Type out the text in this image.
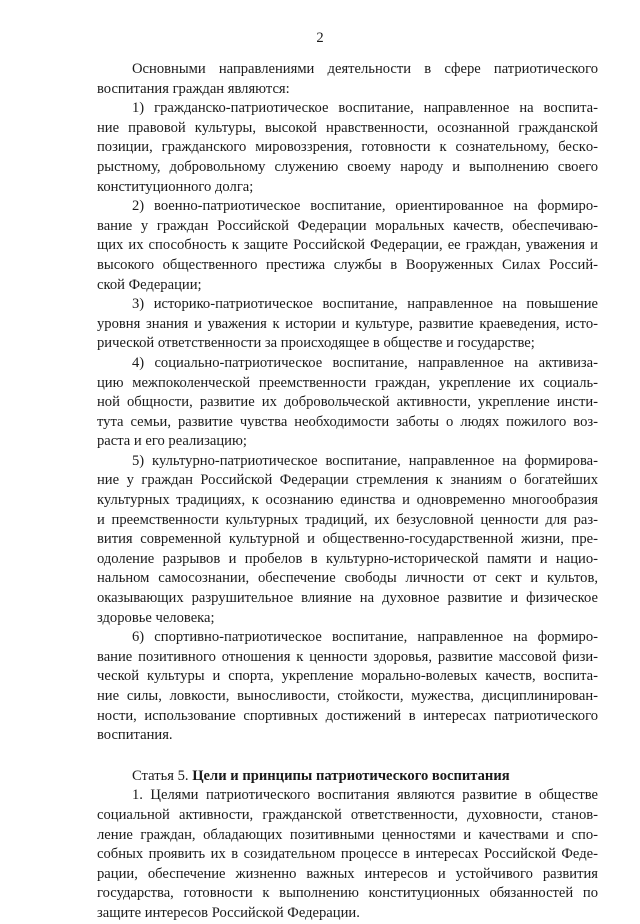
2
Основными направлениями деятельности в сфере патриотического
воспитания граждан являются:
1) гражданско-патриотическое воспитание, направленное на воспита-
ние правовой культуры, высокой нравственности, осознанной гражданской
позиции, гражданского мировоззрения, готовности к сознательному, бескo-
рыстному, добровольному служению своему народу и выполнению своего
конституционного долга;
2) военно-патриотическое воспитание, ориентированное на формиро-
вание у граждан Российской Федерации моральных качеств, обеспечиваю-
щих их способность к защите Российской Федерации, ее граждан, уважения и
высокого общественного престижа службы в Вооруженных Силах Россий-
ской Федерации;
3) историко-патриотическое воспитание, направленное на повышение
уровня знания и уважения к истории и культуре, развитие краеведения, исто-
рической ответственности за происходящее в обществе и государстве;
4) социально-патриотическое воспитание, направленное на активиза-
цию межпоколенческой преемственности граждан, укрепление их социаль-
ной общности, развитие их добровольческой активности, укрепление инсти-
тута семьи, развитие чувства необходимости заботы о людях пожилого воз-
раста и его реализацию;
5) культурно-патриотическое воспитание, направленное на формирова-
ние у граждан Российской Федерации стремления к знаниям о богатейших
культурных традициях, к осознанию единства и одновременно многообразия
и преемственности культурных традиций, их безусловной ценности для раз-
вития современной культурной и общественно-государственной жизни, пре-
одоление разрывов и пробелов в культурно-исторической памяти и нацио-
нальном самосознании, обеспечение свободы личности от сект и культов,
оказывающих разрушительное влияние на духовное развитие и физическое
здоровье человека;
6) спортивно-патриотическое воспитание, направленное на формиро-
вание позитивного отношения к ценности здоровья, развитие массовой физи-
ческой культуры и спорта, укрепление морально-волевых качеств, воспита-
ние силы, ловкости, выносливости, стойкости, мужества, дисциплинирован-
ности, использование спортивных достижений в интересах патриотического
воспитания.
Статья 5. Цели и принципы патриотического воспитания
1. Целями патриотического воспитания являются развитие в обществе
социальной активности, гражданской ответственности, духовности, станов-
ление граждан, обладающих позитивными ценностями и качествами и спо-
собных проявить их в созидательном процессе в интересах Российской Феде-
рации, обеспечение жизненно важных интересов и устойчивого развития
государства, готовности к выполнению конституционных обязанностей по
защите интересов Российской Федерации.
